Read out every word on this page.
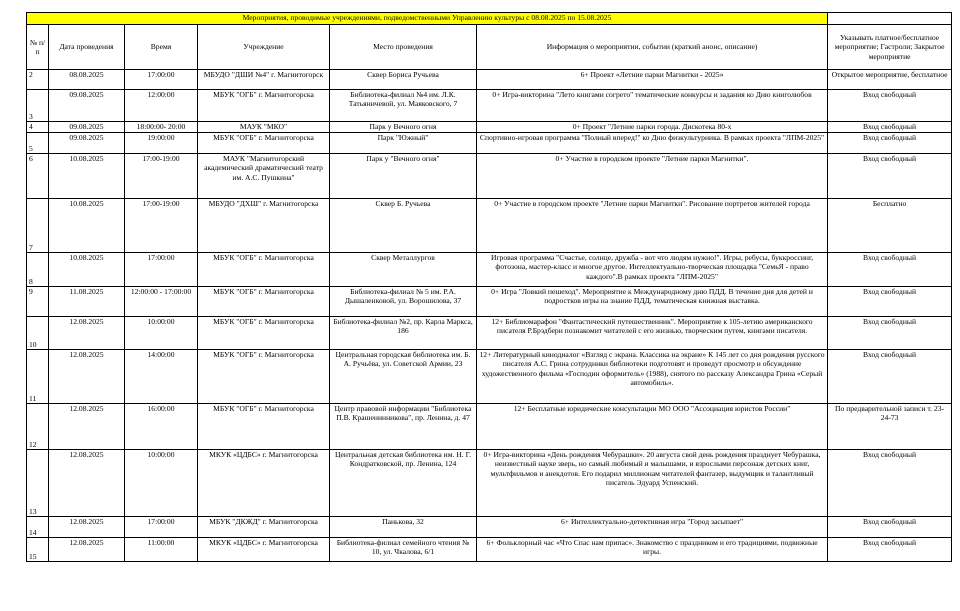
Мероприятия, проводимые учреждениями, подведомственными Управлению культуры с 08.08.2025 по 15.08.2025						
№ п/п	Дата проведения	Время	Учреждение	Место проведения	Информация о мероприятии, событии (краткий анонс, описание)	Указывать платное/бесплатное мероприятие; Гастроли; Закрытое мероприятие
2	08.08.2025	17:00:00	МБУДО "ДШИ №4" г. Магнитогорск	Сквер Бориса Ручьева	6+ Проект «Летние парки Магнитки - 2025»	Открытое мероприятие, бесплатное
3	09.08.2025	12:00:00	МБУК "ОГБ" г. Магнитогорска	Библиотека-филиал №4 им. Л.К. Татьяничевой, ул. Маяковского, 7	0+ Игра-викторина "Лето книгами согрето" тематические конкурсы и задания ко Дню книголюбов	Вход свободный
4	09.08.2025	18:00:00- 20:00	МАУК "МКО"	Парк у Вечного огня	0+ Проект "Летние парки города. Дискотека 80-х	Вход свободный
5	09.08.2025	19:00:00	МБУК "ОГБ" г. Магнитогорска	Парк "Южный"	Спортивно-игровая программа "Полный вперед!" ко Дню физкультурника. В рамках проекта "ЛПМ-2025"	Вход свободный
6	10.08.2025	17:00-19:00	МАУК "Магнитогорский академический драматический театр им. А.С. Пушкина"	Парк у "Вечного огня"	0+ Участие в городском проекте "Летние парки Магнитки".	Вход свободный
7	10.08.2025	17:00-19:00	МБУДО "ДХШ" г. Магнитогорска	Сквер Б. Ручьева	0+ Участие в городском проекте "Летние парки Магнитки". Рисование портретов жителей города	Бесплатно
8	10.08.2025	17:00:00	МБУК "ОГБ" г. Магнитогорска	Сквер Металлургов	Игровая программа "Счастье, солнце, дружба - вот что людям нужно!". Игры, ребусы, буккроссинг, фотозона, мастер-класс и многое другое. Интеллектуально-творческая площадка "СемьЯ - право каждого".В рамках проекта "ЛПМ-2025"	Вход свободный
9	11.08.2025	12:00:00 - 17:00:00	МБУК "ОГБ" г. Магнитогорска	Библиотека-филиал № 5 им. Р.А. Дышаленковой, ул. Ворошилова, 37	0+ Игра "Ловкий пешеход". Мероприятие к Международному дню ПДД. В течение дня для детей и подростков игры на знание ПДД, тематическая книжная выставка.	Вход свободный
10	12.08.2025	10:00:00	МБУК "ОГБ" г. Магнитогорска	Библиотека-филиал №2, пр. Карла Маркса, 186	12+ Библиомарафон "Фантастический путешественник". Мероприятие к 105-летию американского писателя Р.Брэдбери познакомит читателей с его жизнью, творческим путем, книгами писателя.	Вход свободный
11	12.08.2025	14:00:00	МБУК "ОГБ" г. Магнитогорска	Центральная городская библиотека им. Б. А. Ручьёва, ул. Советской Армии, 23	12+ Литературный кинодиалог «Взгляд с экрана. Классика на экране» К 145 лет со дня рождения русского писателя А.С. Грина сотрудники библиотеки подготовят и проведут просмотр и обсуждение художественного фильма «Господин оформитель» (1988), снятого по рассказу Александра Грина «Серый автомобиль».	Вход свободный
12	12.08.2025	16:00:00	МБУК "ОГБ" г. Магнитогорска	Центр правовой информации "Библиотека П.В. Крашенинникова", пр. Ленина, д. 47	12+ Бесплатные юридические консультации МО ООО "Ассоциация юристов России"	По предварительной записи т. 23-24-73
13	12.08.2025	10:00:00	МКУК «ЦДБС» г. Магнитогорска	Центральная детская библиотека им. Н. Г. Кондратковской, пр. Ленина, 124	0+ Игра-викторина «День рождения Чебурашки». 20 августа свой день рождения празднует Чебурашка, неизвестный науке зверь, но самый любимый и малышами, и взрослыми персонаж детских книг, мультфильмов и анекдотов. Его подарил миллионам читателей фантазер, выдумщик и талантливый писатель Эдуард Успенский.	Вход свободный
14	12.08.2025	17:00:00	МБУК "ДКЖД" г. Магнитогорска	Панькова, 32	6+ Интеллектуально-детективная игра "Город засыпает"	Вход свободный
15	12.08.2025	11:00:00	МКУК «ЦДБС» г. Магнитогорска	Библиотека-филиал семейного чтения № 10, ул. Чкалова, 6/1	6+ Фольклорный час «Что Спас нам припас». Знакомство с праздником и его традициями, подвижные игры.	Вход свободный
